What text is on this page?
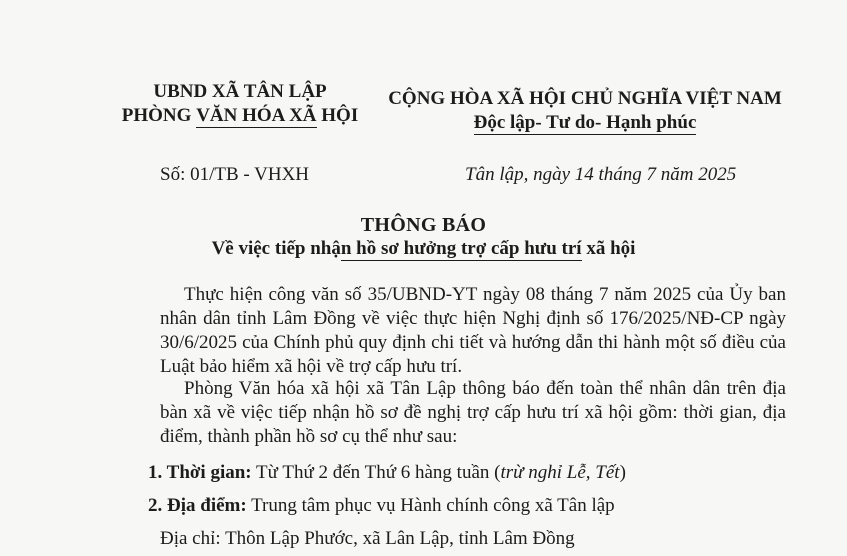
UBND XÃ TÂN LẬP
PHÒNG VĂN HÓA XÃ HỘI
CỘNG HÒA XÃ HỘI CHỦ NGHĨA VIỆT NAM
Độc lập- Tư do- Hạnh phúc
Số: 01/TB - VHXH	Tân lập, ngày 14 tháng 7 năm 2025
THÔNG BÁO
Về việc tiếp nhận hồ sơ hưởng trợ cấp hưu trí xã hội

Thực hiện công văn số 35/UBND-YT ngày 08 tháng 7 năm 2025 của Ủy ban nhân dân tỉnh Lâm Đồng về việc thực hiện Nghị định số 176/2025/NĐ-CP ngày 30/6/2025 của Chính phủ quy định chi tiết và hướng dẫn thi hành một số điều của Luật bảo hiểm xã hội về trợ cấp hưu trí.

Phòng Văn hóa xã hội xã Tân Lập thông báo đến toàn thể nhân dân trên địa bàn xã về việc tiếp nhận hồ sơ đề nghị trợ cấp hưu trí xã hội gồm: thời gian, địa điểm, thành phần hồ sơ cụ thể như sau:

1. Thời gian: Từ Thứ 2 đến Thứ 6 hàng tuần (trừ nghỉ Lễ, Tết)
2. Địa điểm: Trung tâm phục vụ Hành chính công xã Tân lập
Địa chỉ: Thôn Lập Phước, xã Lân Lập, tỉnh Lâm Đồng
